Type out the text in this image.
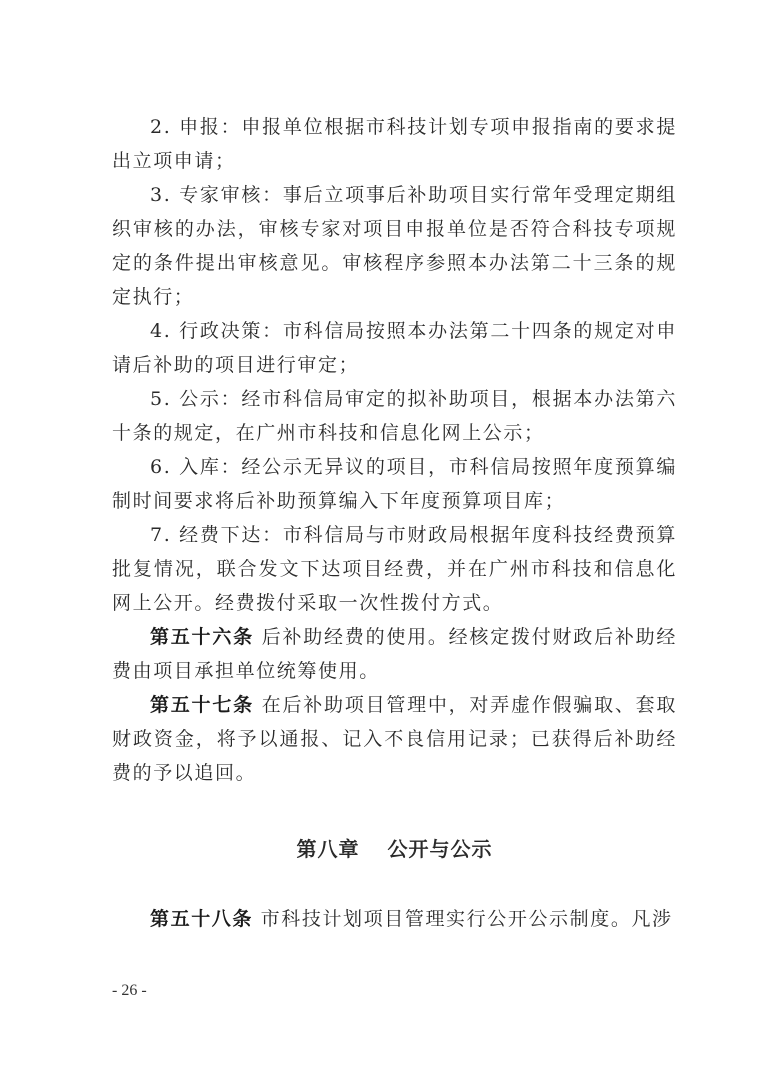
2. 申报：申报单位根据市科技计划专项申报指南的要求提出立项申请；

3. 专家审核：事后立项事后补助项目实行常年受理定期组织审核的办法，审核专家对项目申报单位是否符合科技专项规定的条件提出审核意见。审核程序参照本办法第二十三条的规定执行；

4. 行政决策：市科信局按照本办法第二十四条的规定对申请后补助的项目进行审定；

5. 公示：经市科信局审定的拟补助项目，根据本办法第六十条的规定，在广州市科技和信息化网上公示；

6. 入库：经公示无异议的项目，市科信局按照年度预算编制时间要求将后补助预算编入下年度预算项目库；

7. 经费下达：市科信局与市财政局根据年度科技经费预算批复情况，联合发文下达项目经费，并在广州市科技和信息化网上公开。经费拨付采取一次性拨付方式。

第五十六条 后补助经费的使用。经核定拨付财政后补助经费由项目承担单位统筹使用。

第五十七条 在后补助项目管理中，对弄虚作假骗取、套取财政资金，将予以通报、记入不良信用记录；已获得后补助经费的予以追回。

第八章 公开与公示

第五十八条 市科技计划项目管理实行公开公示制度。凡涉

- 26 -
